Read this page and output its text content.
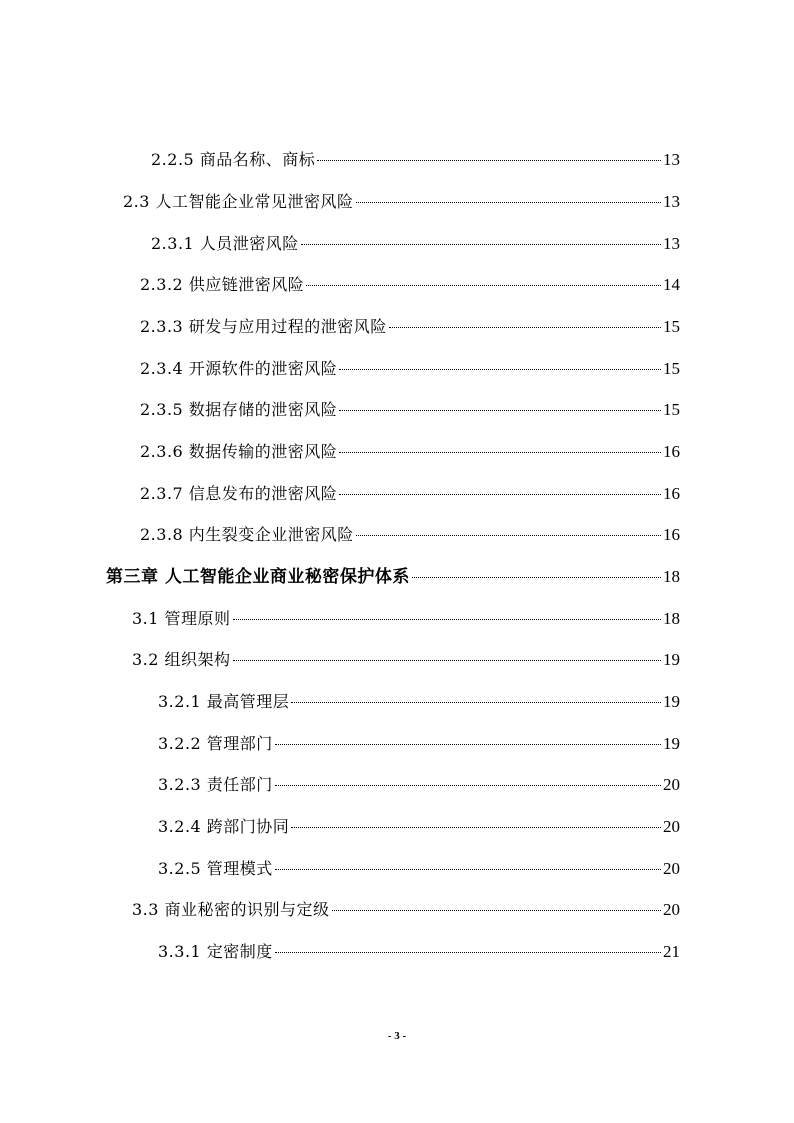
2.2.5 商品名称、商标	13
2.3 人工智能企业常见泄密风险	13
2.3.1 人员泄密风险	13
2.3.2 供应链泄密风险	14
2.3.3 研发与应用过程的泄密风险	15
2.3.4 开源软件的泄密风险	15
2.3.5 数据存储的泄密风险	15
2.3.6 数据传输的泄密风险	16
2.3.7 信息发布的泄密风险	16
2.3.8 内生裂变企业泄密风险	16
第三章 人工智能企业商业秘密保护体系	18
3.1 管理原则	18
3.2 组织架构	19
3.2.1 最高管理层	19
3.2.2 管理部门	19
3.2.3 责任部门	20
3.2.4 跨部门协同	20
3.2.5 管理模式	20
3.3 商业秘密的识别与定级	20
3.3.1 定密制度	21
- 3 -
